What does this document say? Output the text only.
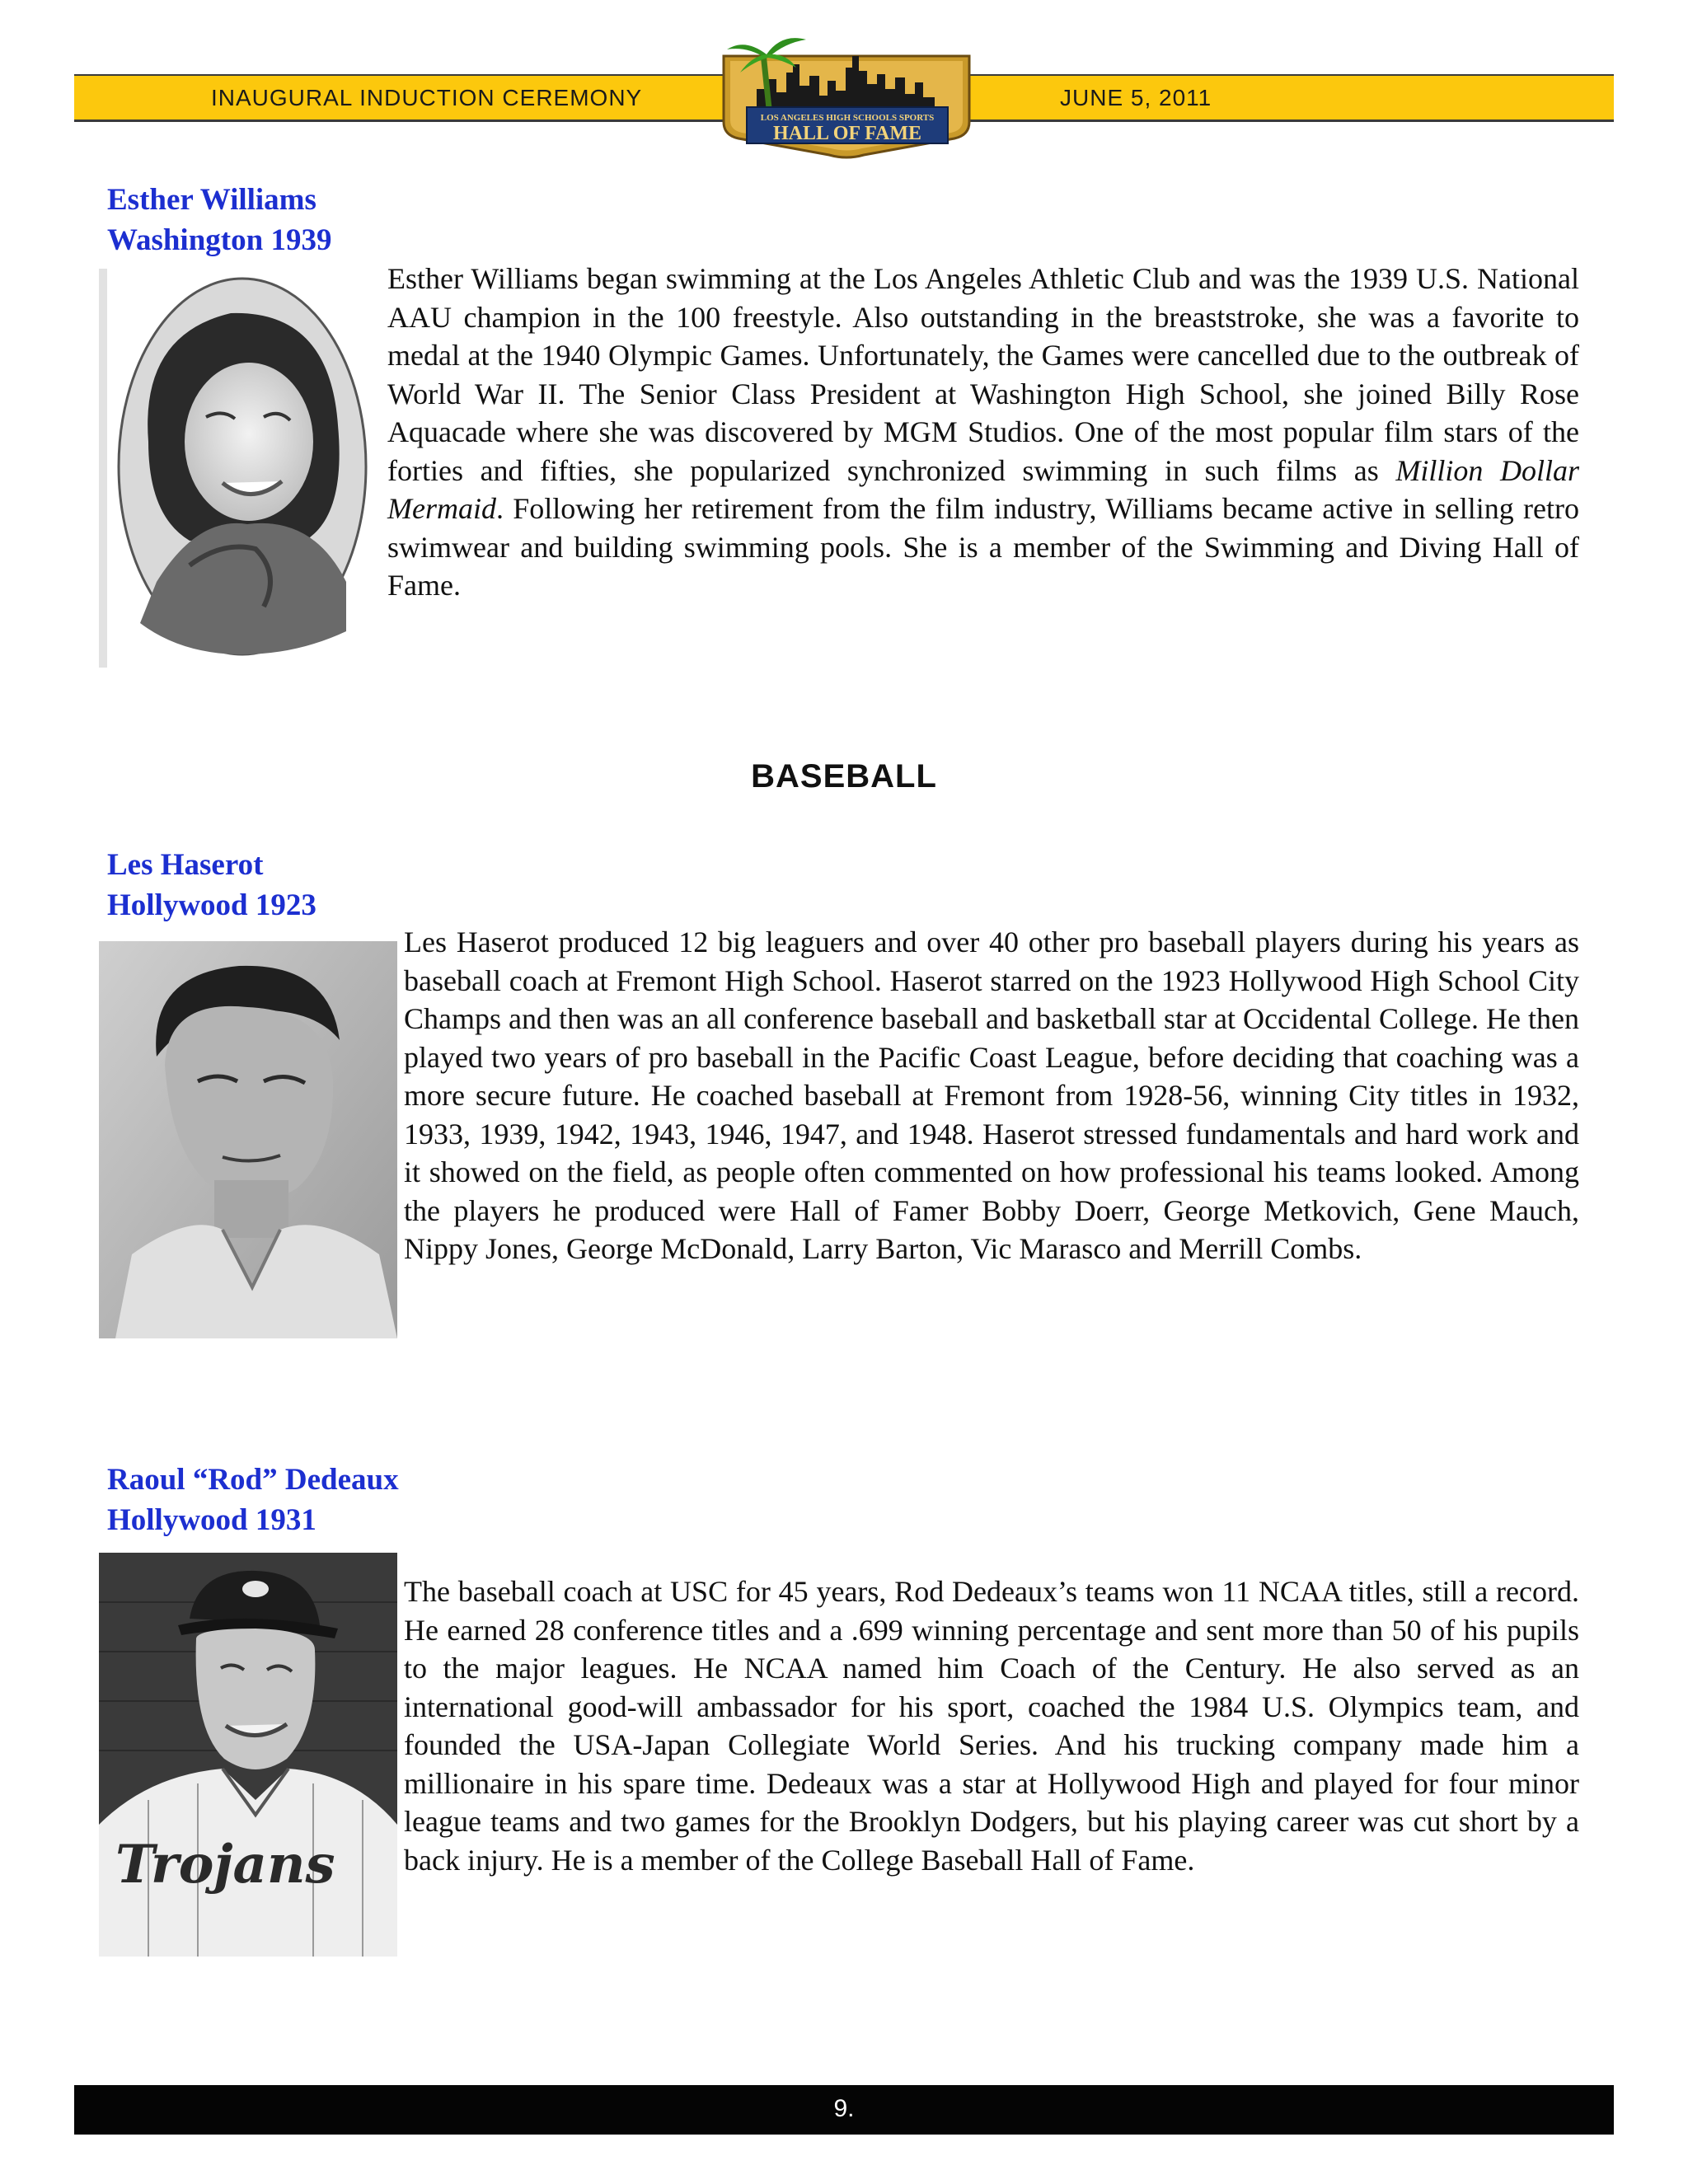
INAUGURAL INDUCTION CEREMONY	JUNE 5, 2011
LOS ANGELES HIGH SCHOOLS SPORTS
HALL OF FAME
Esther Williams
Washington 1939

Esther Williams began swimming at the Los Angeles Athletic Club and was the 1939 U.S. National AAU champion in the 100 freestyle. Also outstanding in the breaststroke, she was a favorite to medal at the 1940 Olympic Games. Unfortunately, the Games were cancelled due to the outbreak of World War II. The Senior Class President at Washington High School, she joined Billy Rose Aquacade where she was discovered by MGM Studios. One of the most popular film stars of the forties and fifties, she popularized synchronized swimming in such films as Million Dollar Mermaid. Following her retirement from the film industry, Williams became active in selling retro swimwear and building swimming pools. She is a member of the Swimming and Diving Hall of Fame.

BASEBALL
Les Haserot
Hollywood 1923

Les Haserot produced 12 big leaguers and over 40 other pro baseball players during his years as baseball coach at Fremont High School. Haserot starred on the 1923 Hollywood High School City Champs and then was an all conference baseball and basketball star at Occidental College. He then played two years of pro baseball in the Pacific Coast League, before deciding that coaching was a more secure future. He coached baseball at Fremont from 1928-56, winning City titles in 1932, 1933, 1939, 1942, 1943, 1946, 1947, and 1948. Haserot stressed fundamentals and hard work and it showed on the field, as people often commented on how professional his teams looked. Among the players he produced were Hall of Famer Bobby Doerr, George Metkovich, Gene Mauch, Nippy Jones, George McDonald, Larry Barton, Vic Marasco and Merrill Combs.

Raoul “Rod” Dedeaux
Hollywood 1931
Trojans

The baseball coach at USC for 45 years, Rod Dedeaux’s teams won 11 NCAA titles, still a record. He earned 28 conference titles and a .699 winning percentage and sent more than 50 of his pupils to the major leagues. He NCAA named him Coach of the Century. He also served as an international good-will ambassador for his sport, coached the 1984 U.S. Olympics team, and founded the USA-Japan Collegiate World Series. And his trucking company made him a millionaire in his spare time. Dedeaux was a star at Hollywood High and played for four minor league teams and two games for the Brooklyn Dodgers, but his playing career was cut short by a back injury. He is a member of the College Baseball Hall of Fame.

9.
